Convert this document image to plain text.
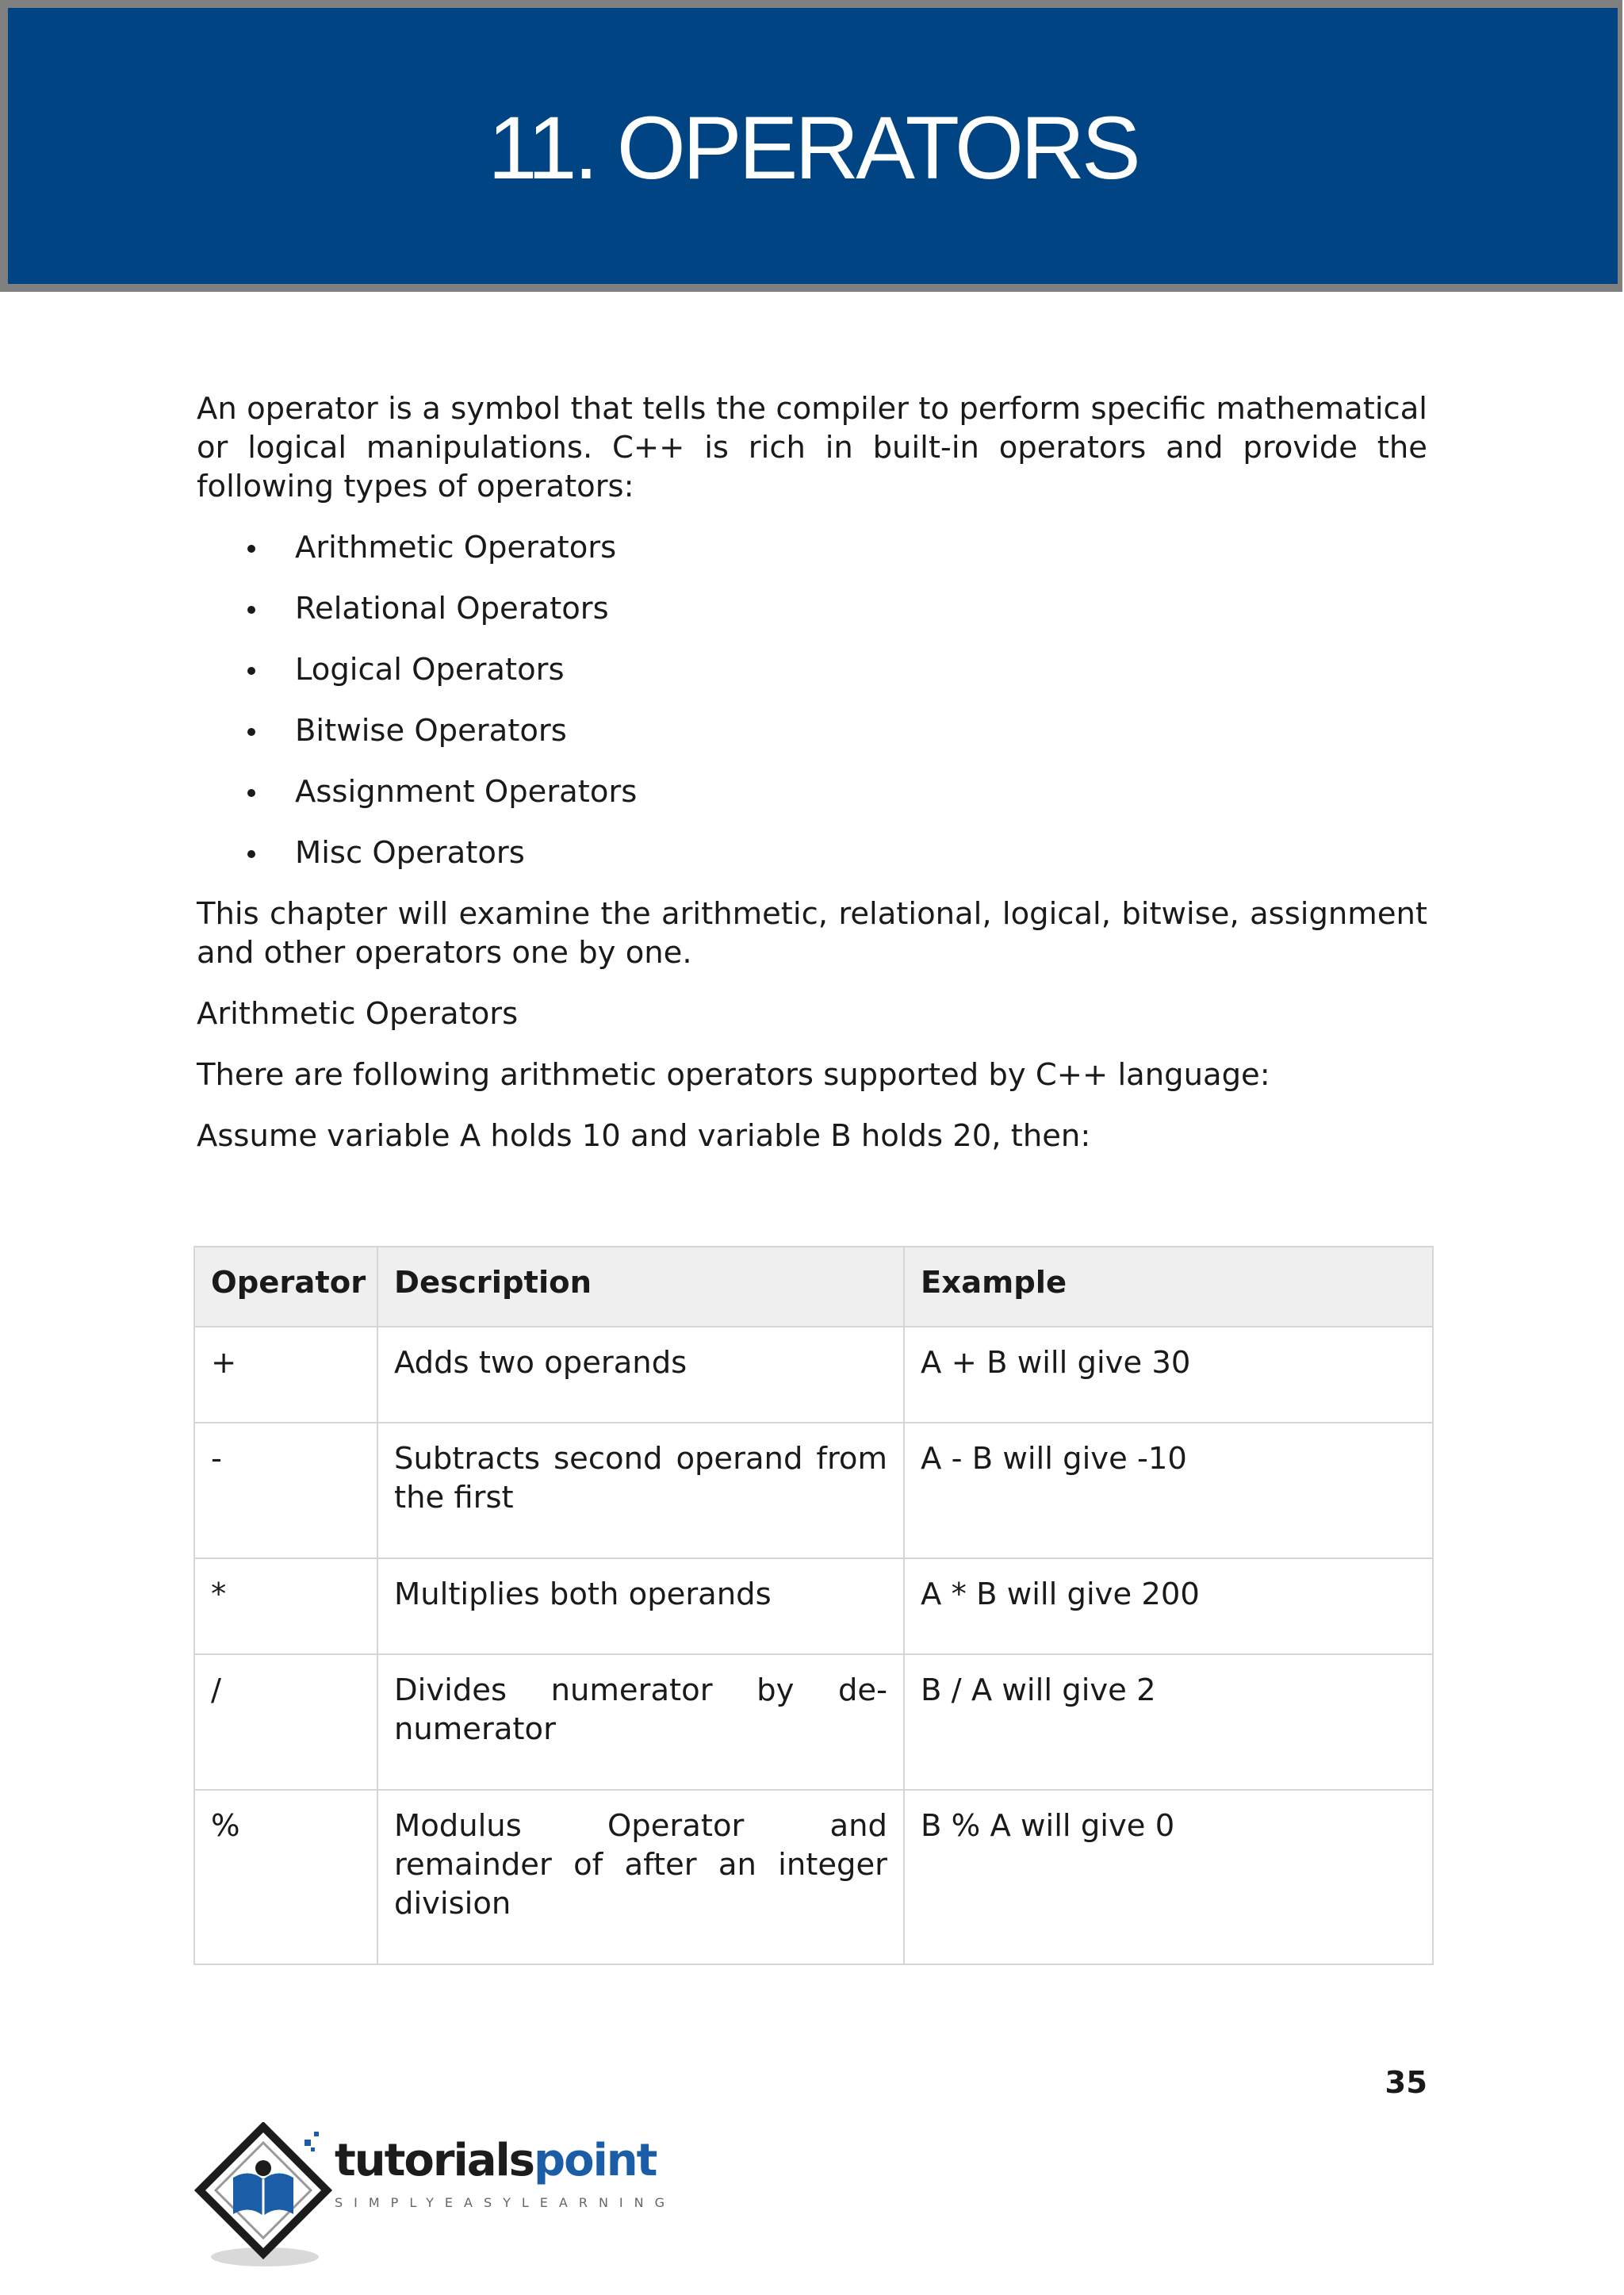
11. OPERATORS

An operator is a symbol that tells the compiler to perform specific mathematical or logical manipulations. C++ is rich in built-in operators and provide the following types of operators:

Arithmetic Operators
Relational Operators
Logical Operators
Bitwise Operators
Assignment Operators
Misc Operators

This chapter will examine the arithmetic, relational, logical, bitwise, assignment and other operators one by one.

Arithmetic Operators

There are following arithmetic operators supported by C++ language:

Assume variable A holds 10 and variable B holds 20, then:

Operator	Description	Example
+	Adds two operands	A + B will give 30
-	Subtracts second operand from the first	A - B will give -10
*	Multiplies both operands	A * B will give 200
/	Divides numerator by de-numerator	B / A will give 2
%	Modulus Operator and remainder of after an integer division	B % A will give 0
35
tutorialspoint
SIMPLYEASYLEARNING
